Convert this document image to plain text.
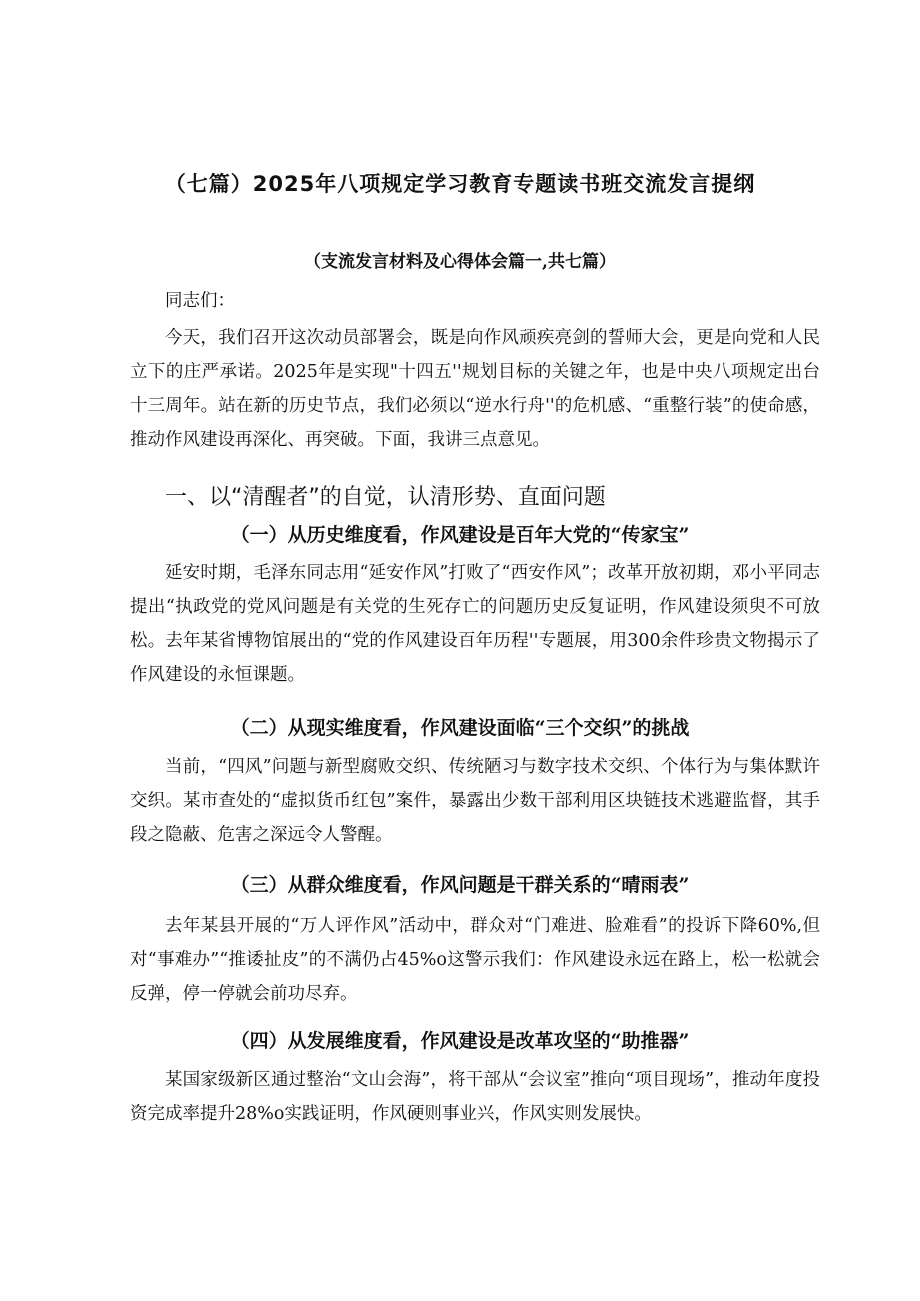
（七篇）2025年八项规定学习教育专题读书班交流发言提纲
（支流发言材料及心得体会篇一,共七篇）
同志们：
今天，我们召开这次动员部署会，既是向作风顽疾亮剑的誓师大会，更是向党和人民立下的庄严承诺。2025年是实现"十四五''规划目标的关键之年，也是中央八项规定出台十三周年。站在新的历史节点，我们必须以“逆水行舟''的危机感、“重整行装”的使命感，推动作风建设再深化、再突破。下面，我讲三点意见。
一、以“清醒者”的自觉，认清形势、直面问题
（一）从历史维度看，作风建设是百年大党的“传家宝”
延安时期，毛泽东同志用“延安作风”打败了“西安作风”；改革开放初期，邓小平同志提出“执政党的党风问题是有关党的生死存亡的问题历史反复证明，作风建设须臾不可放松。去年某省博物馆展出的“党的作风建设百年历程''专题展，用300余件珍贵文物揭示了作风建设的永恒课题。
（二）从现实维度看，作风建设面临“三个交织”的挑战
当前，“四风”问题与新型腐败交织、传统陋习与数字技术交织、个体行为与集体默许交织。某市查处的“虚拟货币红包”案件，暴露出少数干部利用区块链技术逃避监督，其手段之隐蔽、危害之深远令人警醒。
（三）从群众维度看，作风问题是干群关系的“晴雨表”
去年某县开展的“万人评作风”活动中，群众对“门难进、脸难看”的投诉下降60%,但对“事难办”“推诿扯皮”的不满仍占45%o这警示我们：作风建设永远在路上，松一松就会反弹，停一停就会前功尽弃。
（四）从发展维度看，作风建设是改革攻坚的“助推器”
某国家级新区通过整治“文山会海”，将干部从“会议室”推向“项目现场”，推动年度投资完成率提升28%o实践证明，作风硬则事业兴，作风实则发展快。
